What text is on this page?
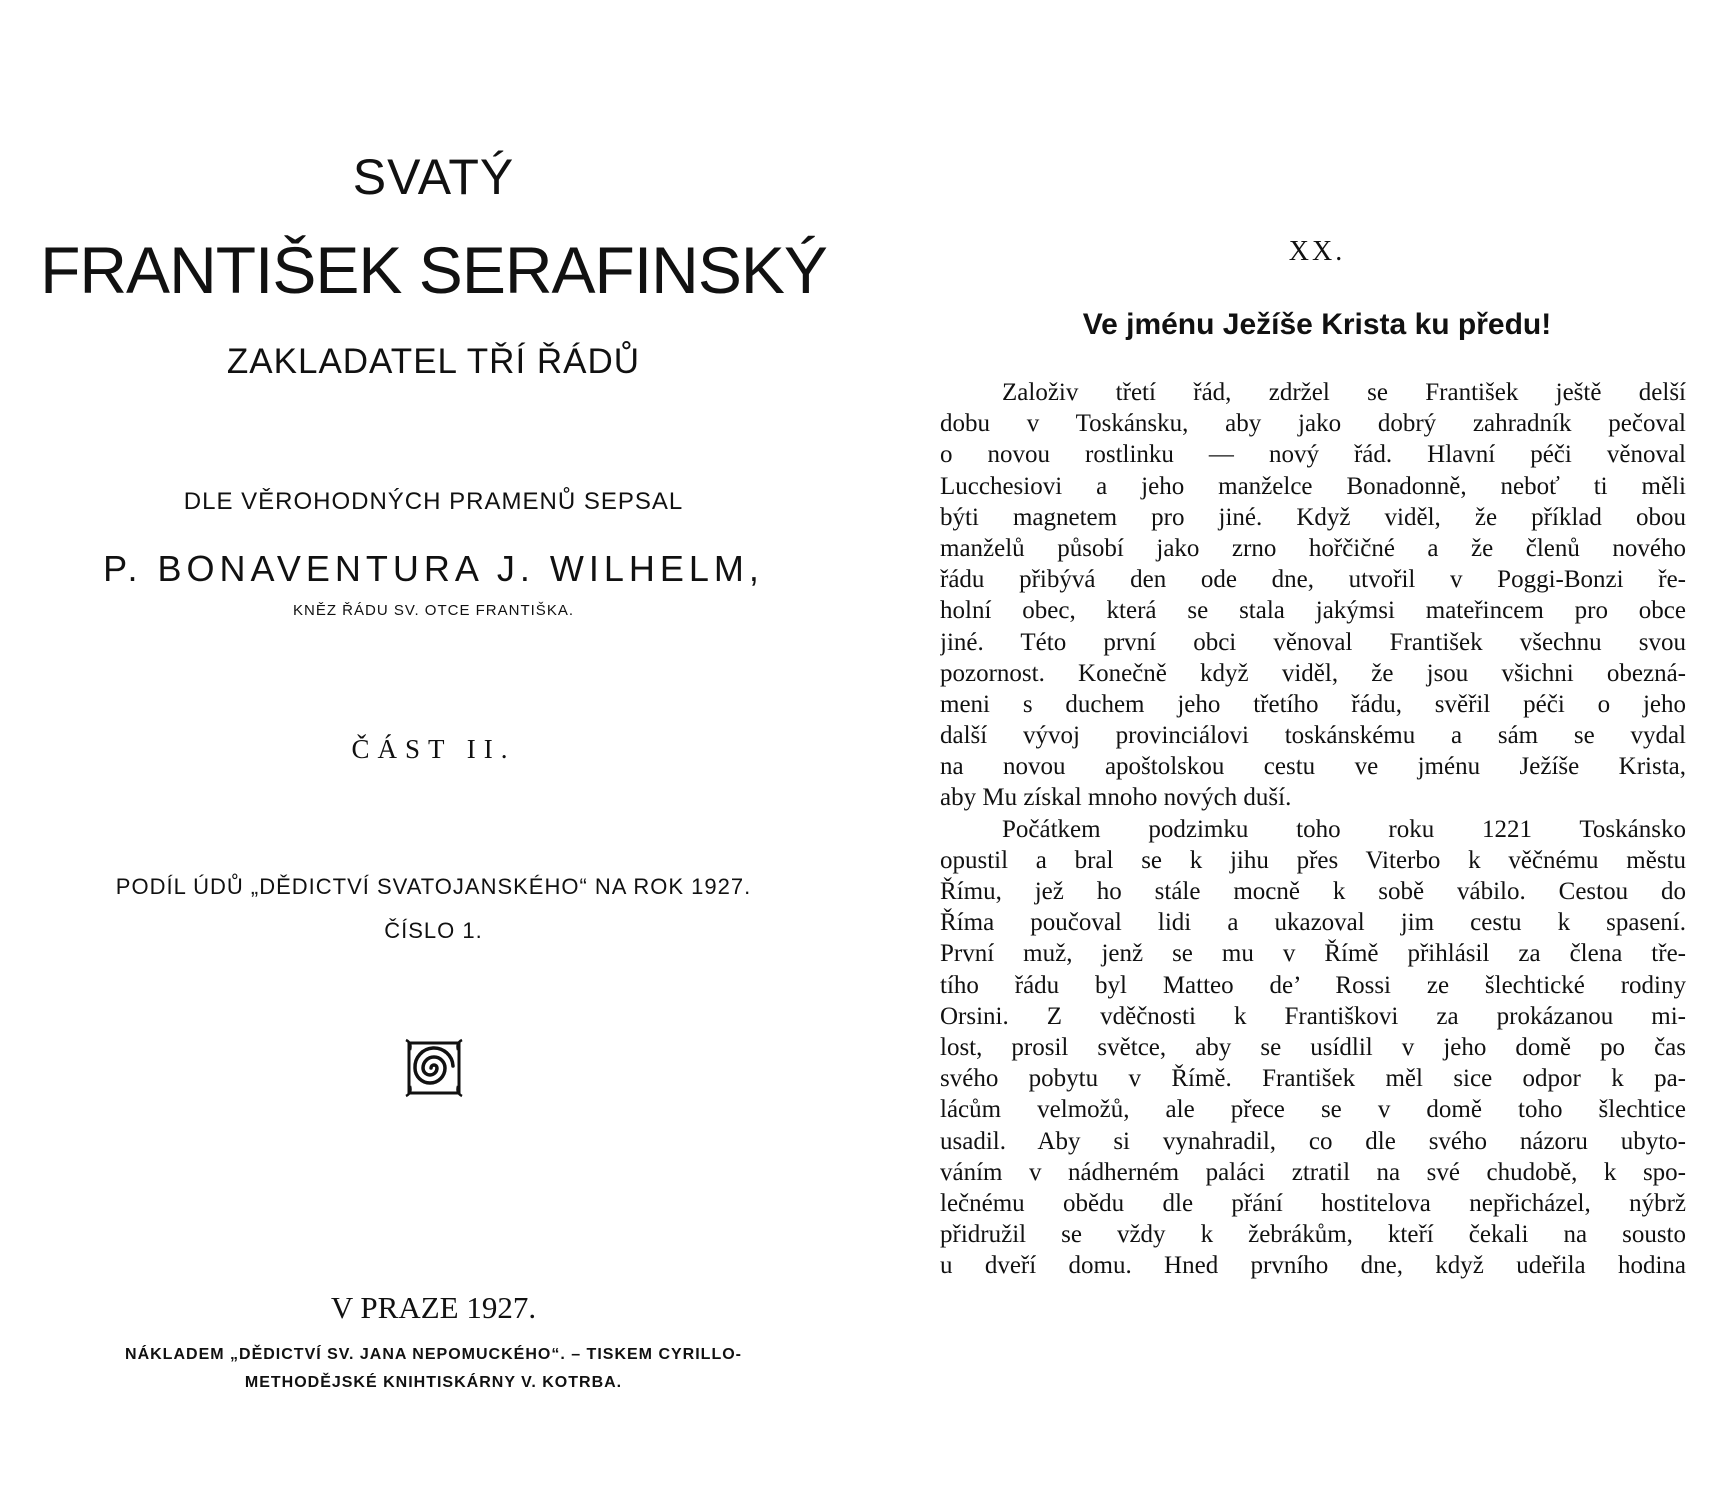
SVATÝ
FRANTIŠEK SERAFINSKÝ
ZAKLADATEL TŘÍ ŘÁDŮ
DLE VĚROHODNÝCH PRAMENŮ SEPSAL
P. BONAVENTURA J. WILHELM,
KNĚZ ŘÁDU SV. OTCE FRANTIŠKA.
ČÁST II.
PODÍL ÚDŮ „DĚDICTVÍ SVATOJANSKÉHO“ NA ROK 1927.
ČÍSLO 1.
V PRAZE 1927.
NÁKLADEM „DĚDICTVÍ SV. JANA NEPOMUCKÉHO“. – TISKEM CYRILLO-
METHODĚJSKÉ KNIHTISKÁRNY V. KOTRBA.
XX.
Ve jménu Ježíše Krista ku předu!
Založiv třetí řád, zdržel se František ještě delší
dobu v Toskánsku, aby jako dobrý zahradník pečoval
o novou rostlinku — nový řád. Hlavní péči věnoval
Lucchesiovi a jeho manželce Bonadonně, neboť ti měli
býti magnetem pro jiné. Když viděl, že příklad obou
manželů působí jako zrno hořčičné a že členů nového
řádu přibývá den ode dne, utvořil v Poggi-Bonzi ře-
holní obec, která se stala jakýmsi mateřincem pro obce
jiné. Této první obci věnoval František všechnu svou
pozornost. Konečně když viděl, že jsou všichni obezná-
meni s duchem jeho třetího řádu, svěřil péči o jeho
další vývoj provinciálovi toskánskému a sám se vydal
na novou apoštolskou cestu ve jménu Ježíše Krista,
aby Mu získal mnoho nových duší.
Počátkem podzimku toho roku 1221 Toskánsko
opustil a bral se k jihu přes Viterbo k věčnému městu
Římu, jež ho stále mocně k sobě vábilo. Cestou do
Říma poučoval lidi a ukazoval jim cestu k spasení.
První muž, jenž se mu v Římě přihlásil za člena tře-
tího řádu byl Matteo de’ Rossi ze šlechtické rodiny
Orsini. Z vděčnosti k Františkovi za prokázanou mi-
lost, prosil světce, aby se usídlil v jeho domě po čas
svého pobytu v Římě. František měl sice odpor k pa-
lácům velmožů, ale přece se v domě toho šlechtice
usadil. Aby si vynahradil, co dle svého názoru ubyto-
váním v nádherném paláci ztratil na své chudobě, k spo-
lečnému obědu dle přání hostitelova nepřicházel, nýbrž
přidružil se vždy k žebrákům, kteří čekali na sousto
u dveří domu. Hned prvního dne, když udeřila hodina
